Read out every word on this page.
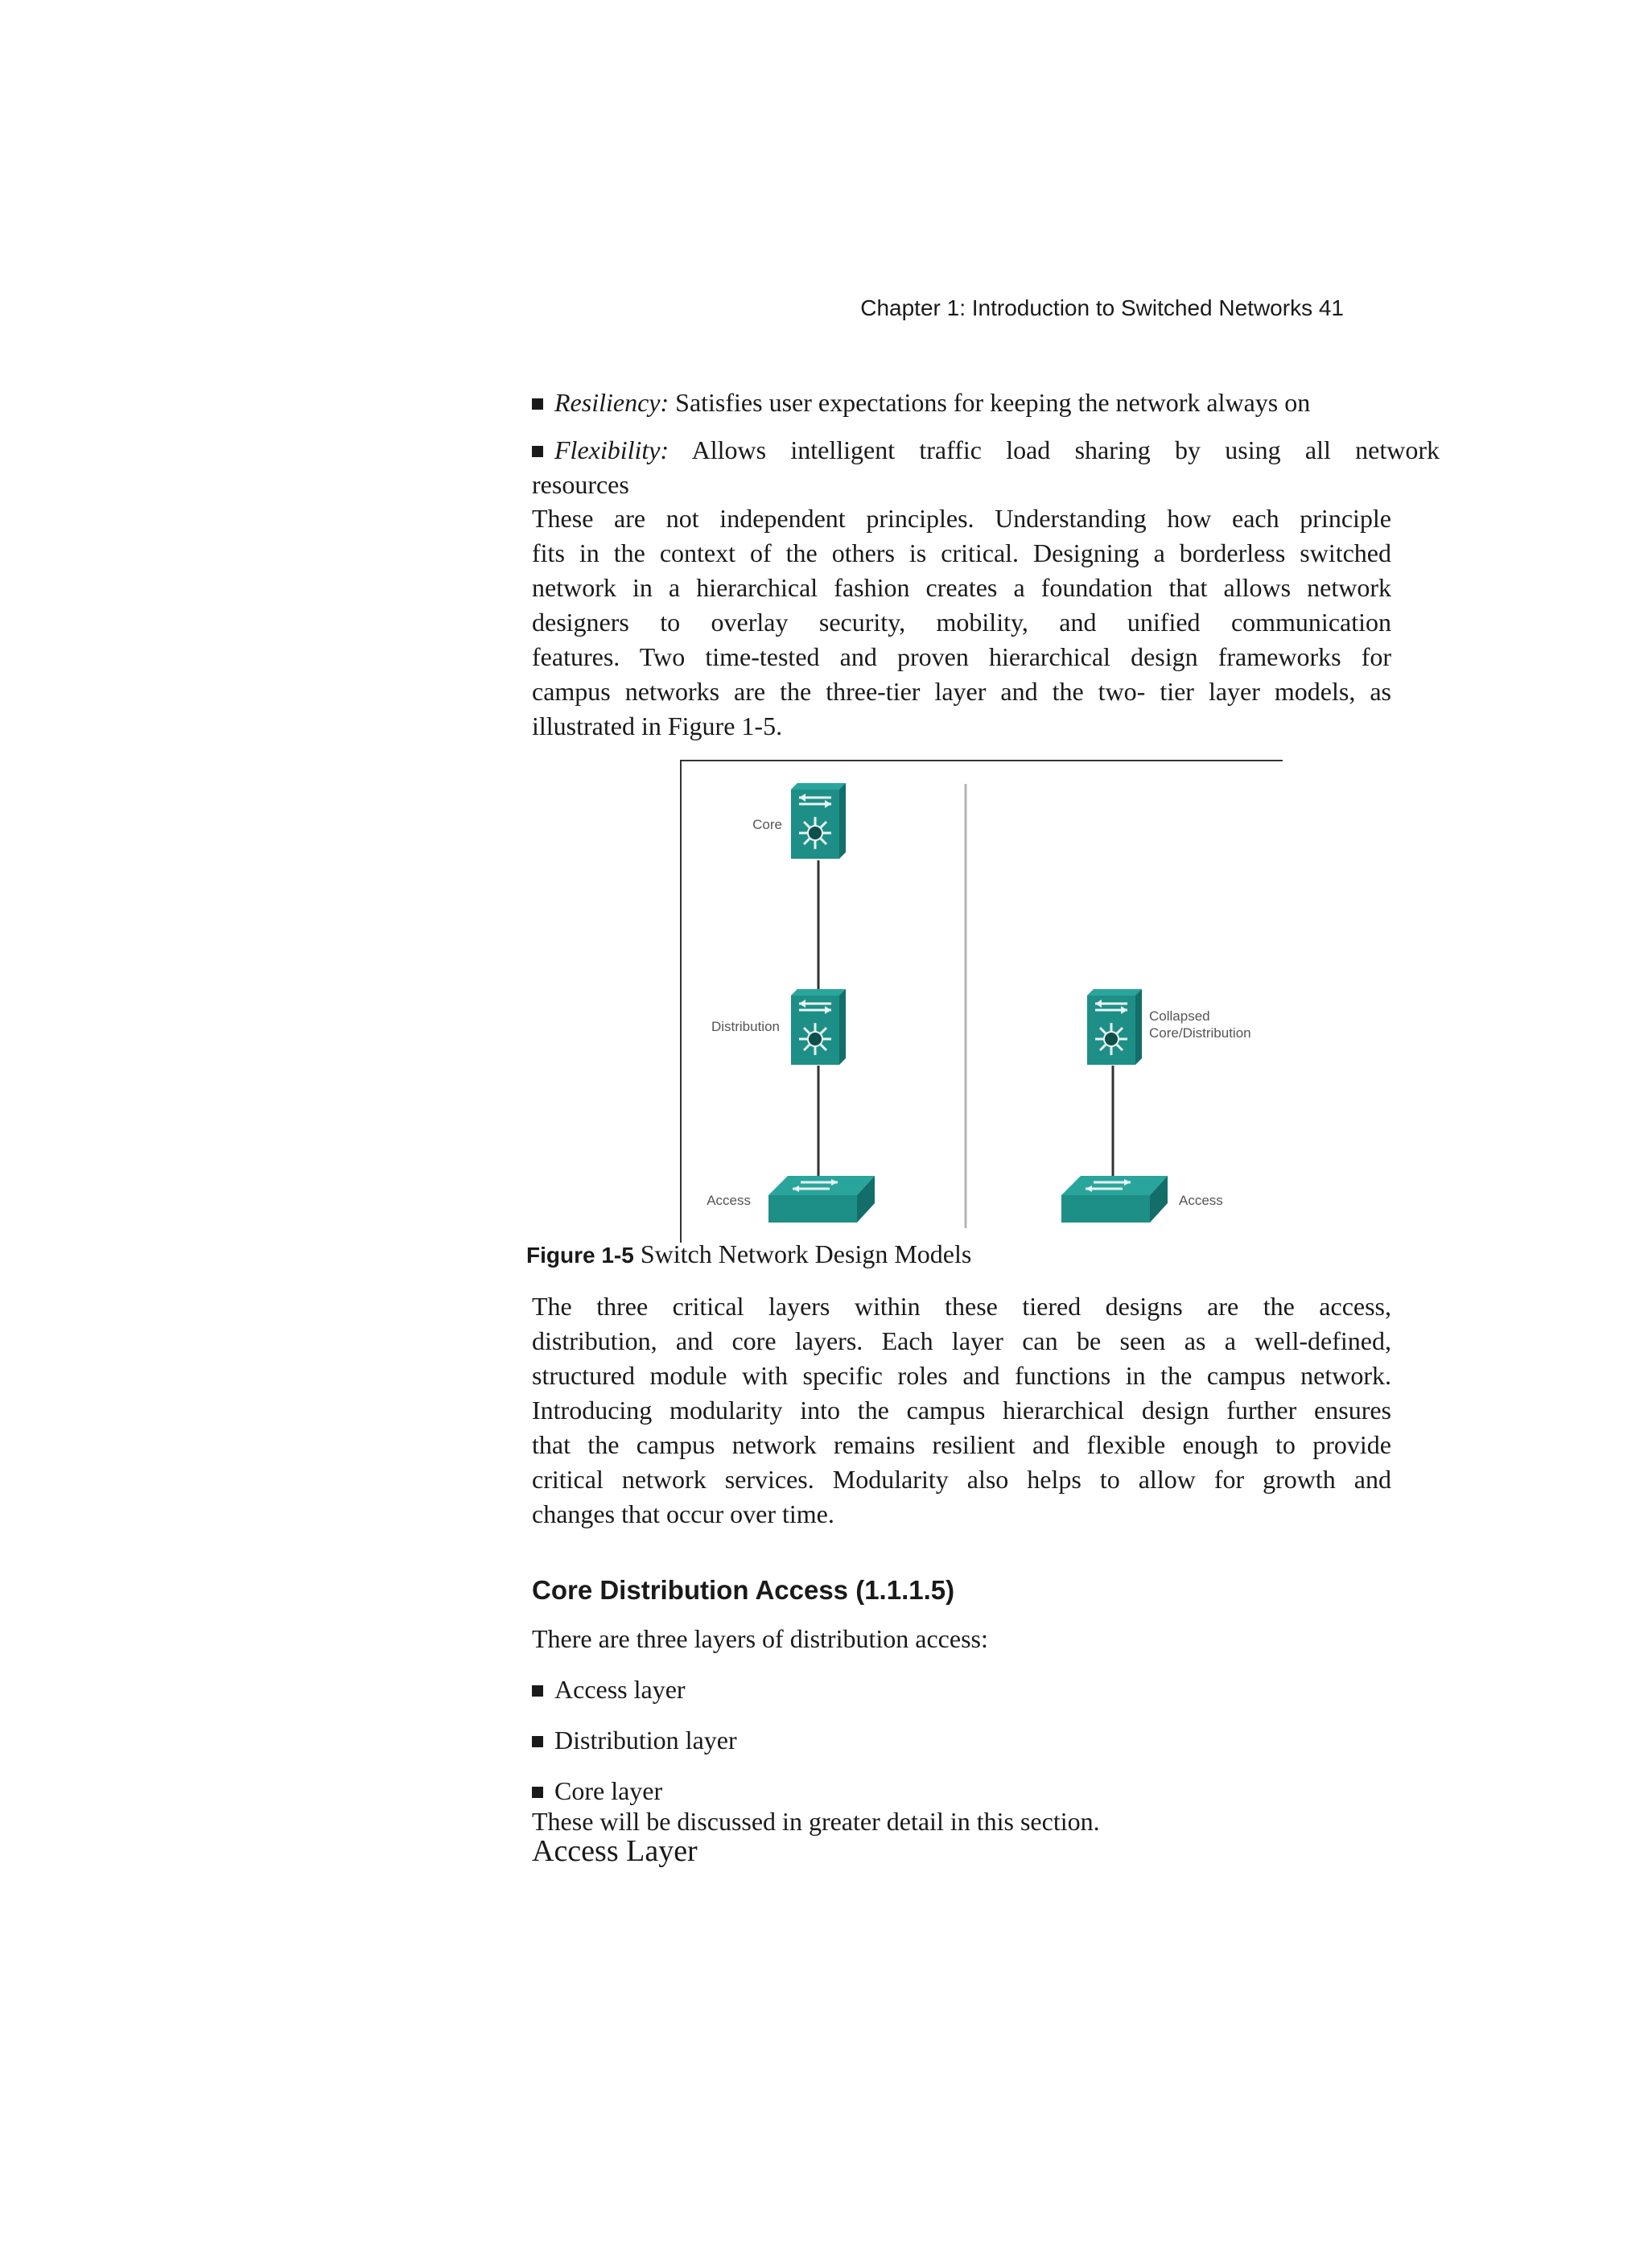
Chapter 1: Introduction to Switched Networks 41
Resiliency: Satisfies user expectations for keeping the network always on
Flexibility: Allows intelligent traffic load sharing by using all network
resources
These are not independent principles. Understanding how each principle
fits in the context of the others is critical. Designing a borderless switched
network in a hierarchical fashion creates a foundation that allows network
designers to overlay security, mobility, and unified communication
features. Two time-tested and proven hierarchical design frameworks for
campus networks are the three-tier layer and the two- tier layer models, as
illustrated in Figure 1-5.
Core
Distribution
Access
Collapsed
Core/Distribution
Access
Figure 1-5 Switch Network Design Models
The three critical layers within these tiered designs are the access,
distribution, and core layers. Each layer can be seen as a well-defined,
structured module with specific roles and functions in the campus network.
Introducing modularity into the campus hierarchical design further ensures
that the campus network remains resilient and flexible enough to provide
critical network services. Modularity also helps to allow for growth and
changes that occur over time.
Core Distribution Access (1.1.1.5)
There are three layers of distribution access:
Access layer
Distribution layer
Core layer
These will be discussed in greater detail in this section.
Access Layer
